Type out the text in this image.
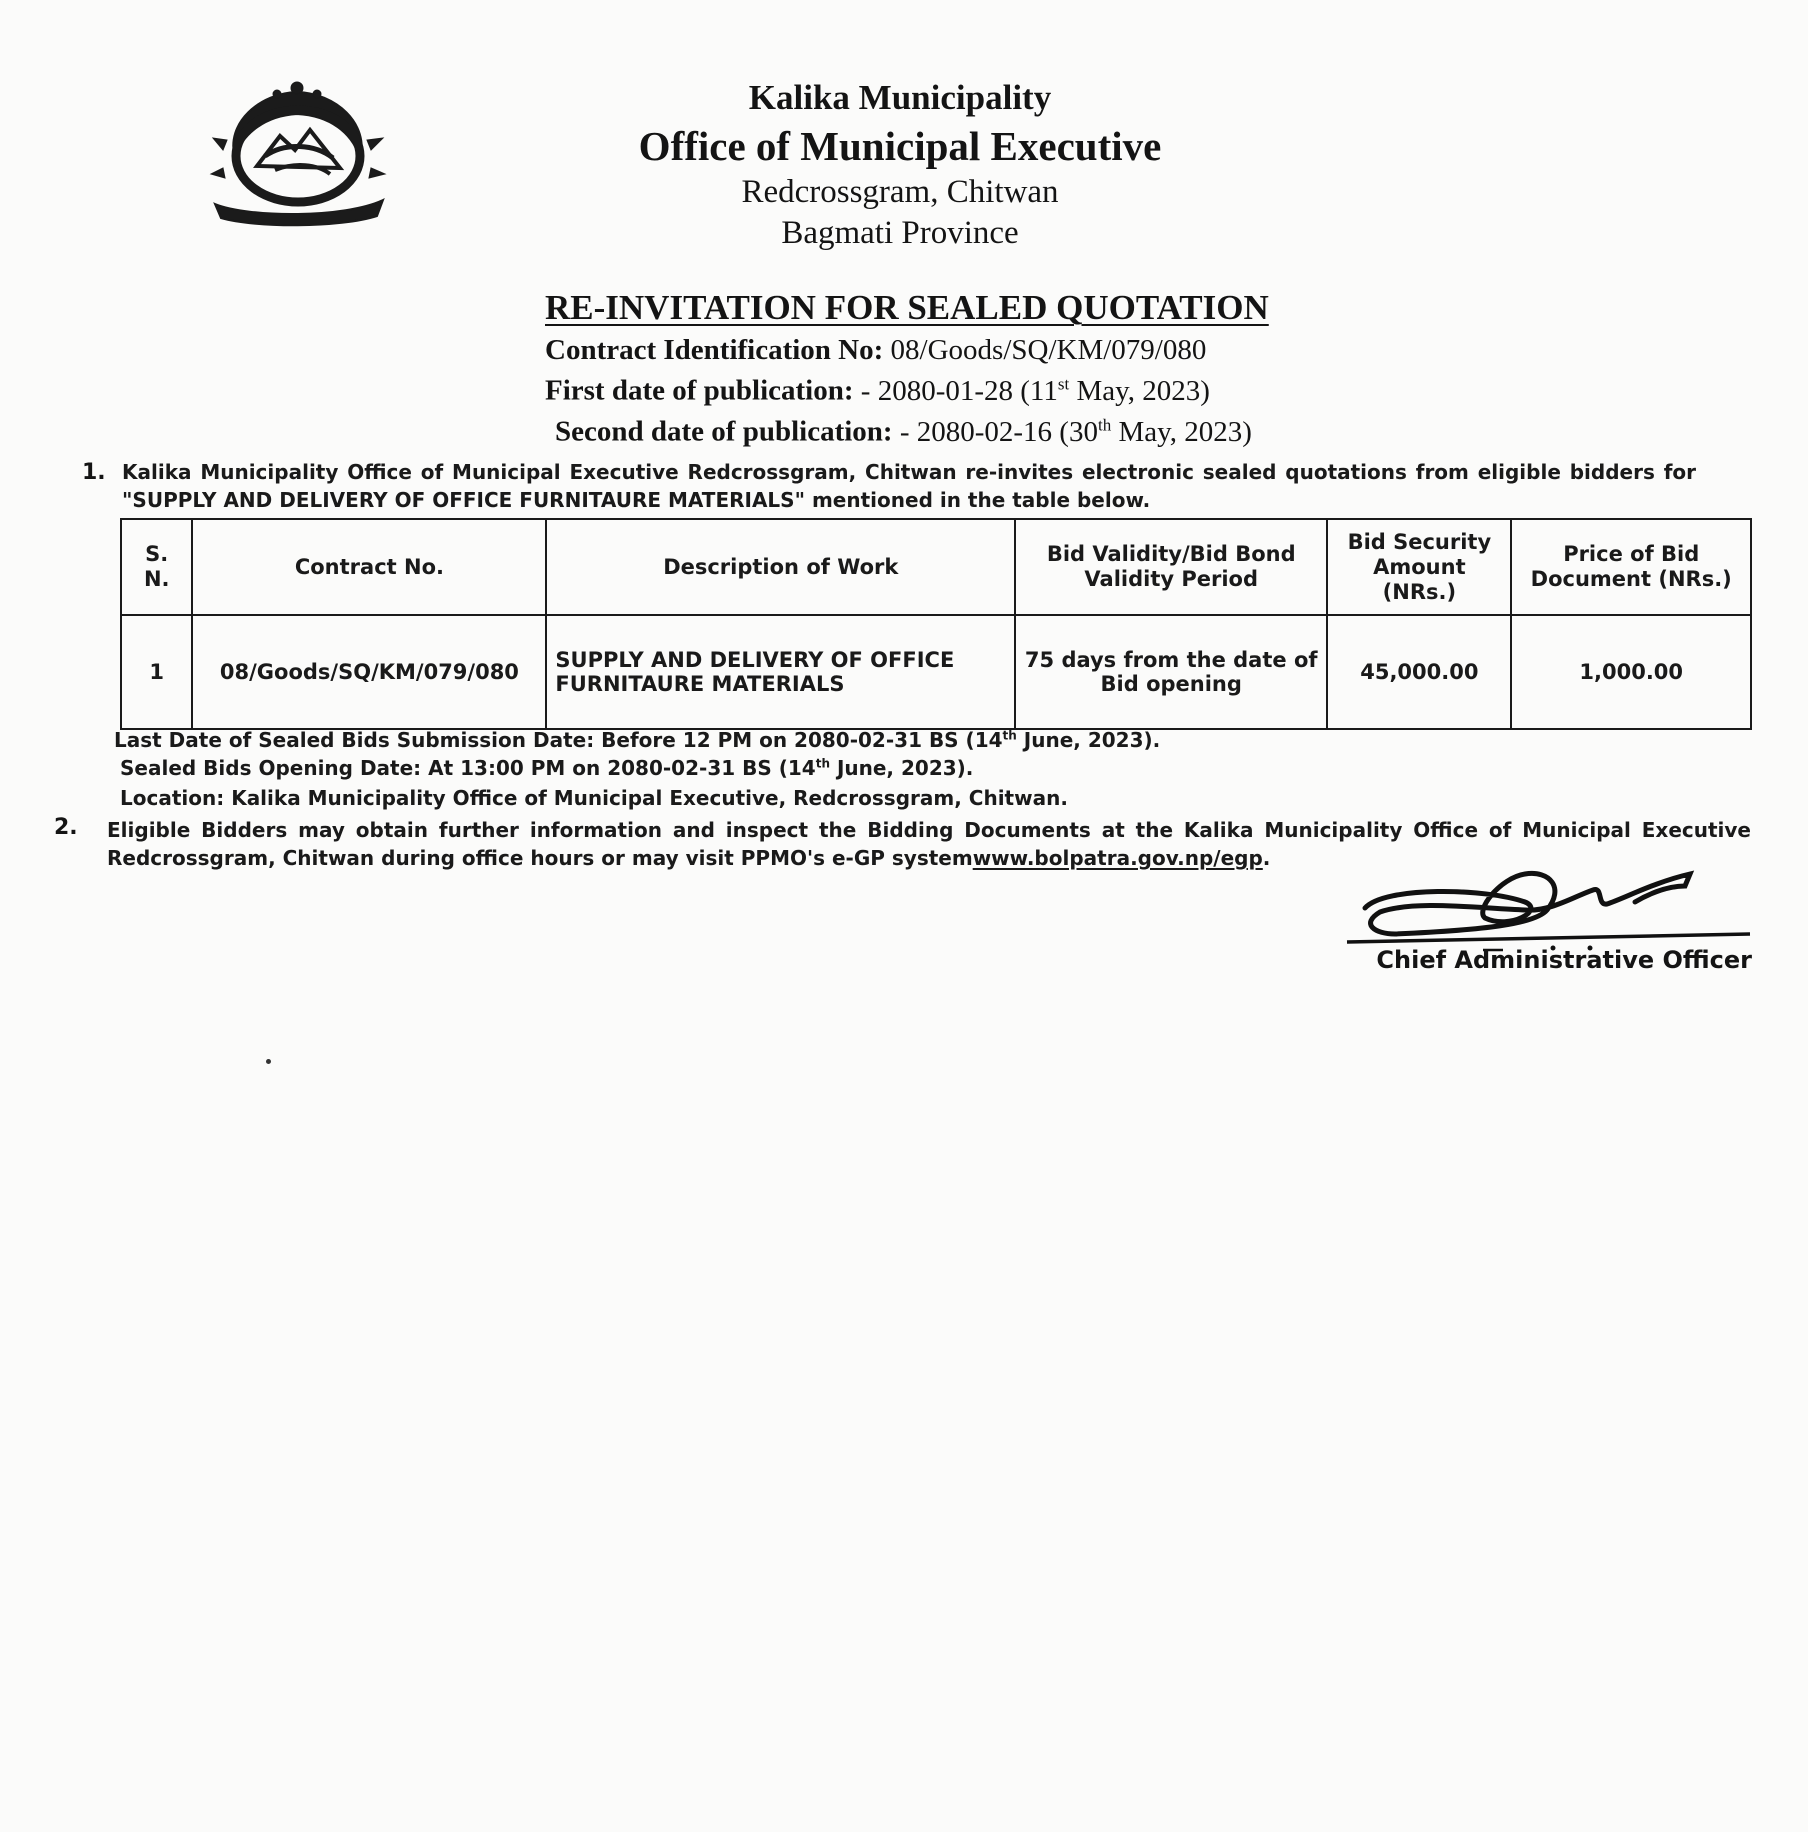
Kalika Municipality
Office of Municipal Executive
Redcrossgram, Chitwan
Bagmati Province
RE-INVITATION FOR SEALED QUOTATION
Contract Identification No: 08/Goods/SQ/KM/079/080
First date of publication: - 2080-01-28 (11st May, 2023)
Second date of publication: - 2080-02-16 (30th May, 2023)
1. Kalika Municipality Office of Municipal Executive Redcrossgram, Chitwan re-invites electronic sealed quotations from eligible bidders for
"SUPPLY AND DELIVERY OF OFFICE FURNITAURE MATERIALS" mentioned in the table below.
S. N.	Contract No.	Description of Work	Bid Validity/Bid Bond Validity Period	Bid Security Amount (NRs.)	Price of Bid Document (NRs.)
1	08/Goods/SQ/KM/079/080	SUPPLY AND DELIVERY OF OFFICE FURNITAURE MATERIALS	75 days from the date of Bid opening	45,000.00	1,000.00
Last Date of Sealed Bids Submission Date: Before 12 PM on 2080-02-31 BS (14th June, 2023).
Sealed Bids Opening Date: At 13:00 PM on 2080-02-31 BS (14th June, 2023).
Location: Kalika Municipality Office of Municipal Executive, Redcrossgram, Chitwan.
2. Eligible Bidders may obtain further information and inspect the Bidding Documents at the Kalika Municipality Office of Municipal Executive
Redcrossgram, Chitwan during office hours or may visit PPMO's e-GP systemwww.bolpatra.gov.np/egp.
Chief Administrative Officer
